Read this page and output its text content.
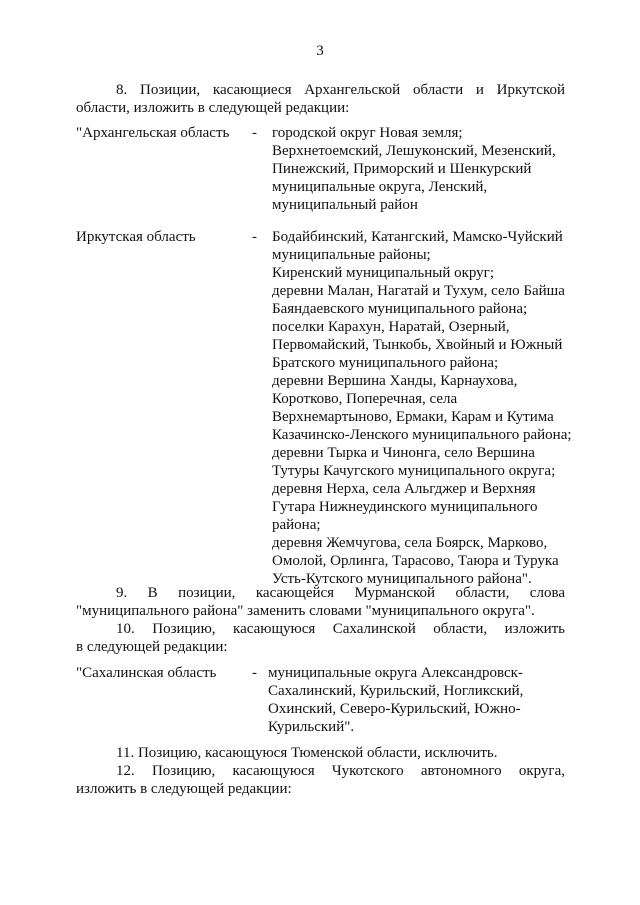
3
8. Позиции, касающиеся Архангельской области и Иркутской
области, изложить в следующей редакции:
"Архангельская область - городской округ Новая земля;
Верхнетоемский, Лешуконский, Мезенский,
Пинежский, Приморский и Шенкурский
муниципальные округа, Ленский,
муниципальный район
Иркутская область	- Бодайбинский, Катангский, Мамско-Чуйский
муниципальные районы;
Киренский муниципальный округ;
деревни Малан, Нагатай и Тухум, село Байша
Баяндаевского муниципального района;
поселки Карахун, Наратай, Озерный,
Первомайский, Тынкобь, Хвойный и Южный
Братского муниципального района;
деревни Вершина Ханды, Карнаухова,
Коротково, Поперечная, села
Верхнемартыново, Ермаки, Карам и Кутима
Казачинско-Ленского муниципального района;
деревни Тырка и Чинонга, село Вершина
Тутуры Качугского муниципального округа;
деревня Нерха, села Альгджер и Верхняя
Гутара Нижнеудинского муниципального
района;
деревня Жемчугова, села Боярск, Марково,
Омолой, Орлинга, Тарасово, Таюра и Турука
Усть-Кутского муниципального района".
9. В позиции, касающейся Мурманской области, слова
"муниципального района" заменить словами "муниципального округа".
10. Позицию, касающуюся Сахалинской области, изложить
в следующей редакции:
"Сахалинская область - муниципальные округа Александровск-
Сахалинский, Курильский, Ногликский,
Охинский, Северо-Курильский, Южно-
Курильский".
11. Позицию, касающуюся Тюменской области, исключить.
12. Позицию, касающуюся Чукотского автономного округа,
изложить в следующей редакции:
